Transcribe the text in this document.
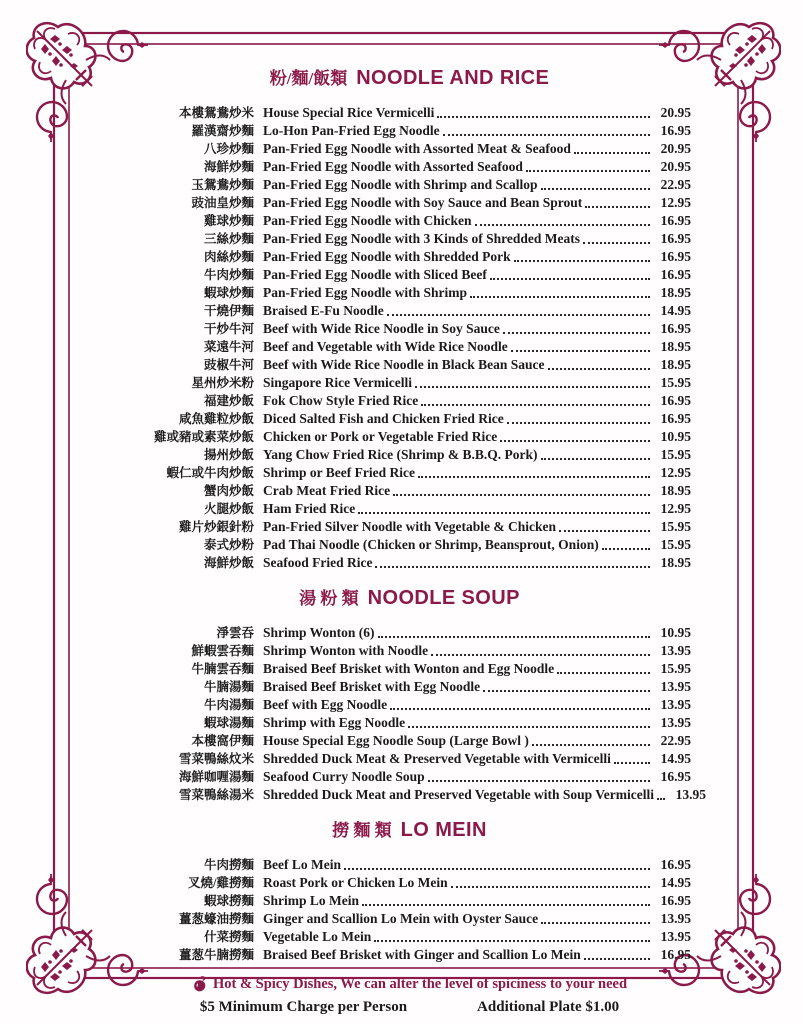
粉/麵/飯類 NOODLE AND RICE
本樓鴛鴦炒米 House Special Rice Vermicelli	20.95
羅漢齋炒麵 Lo-Hon Pan-Fried Egg Noodle	16.95
八珍炒麵 Pan-Fried Egg Noodle with Assorted Meat & Seafood	20.95
海鮮炒麵 Pan-Fried Egg Noodle with Assorted Seafood	20.95
玉鴛鴦炒麵 Pan-Fried Egg Noodle with Shrimp and Scallop	22.95
豉油皇炒麵 Pan-Fried Egg Noodle with Soy Sauce and Bean Sprout	12.95
雞球炒麵 Pan-Fried Egg Noodle with Chicken	16.95
三絲炒麵 Pan-Fried Egg Noodle with 3 Kinds of Shredded Meats	16.95
肉絲炒麵 Pan-Fried Egg Noodle with Shredded Pork	16.95
牛肉炒麵 Pan-Fried Egg Noodle with Sliced Beef	16.95
蝦球炒麵 Pan-Fried Egg Noodle with Shrimp	18.95
干燒伊麵 Braised E-Fu Noodle	14.95
干炒牛河 Beef with Wide Rice Noodle in Soy Sauce	16.95
菜遠牛河 Beef and Vegetable with Wide Rice Noodle	18.95
豉椒牛河 Beef with Wide Rice Noodle in Black Bean Sauce	18.95
星州炒米粉 Singapore Rice Vermicelli	15.95
福建炒飯 Fok Chow Style Fried Rice	16.95
咸魚雞粒炒飯 Diced Salted Fish and Chicken Fried Rice	16.95
雞或豬或素菜炒飯 Chicken or Pork or Vegetable Fried Rice	10.95
揚州炒飯 Yang Chow Fried Rice (Shrimp & B.B.Q. Pork)	15.95
蝦仁或牛肉炒飯 Shrimp or Beef Fried Rice	12.95
蟹肉炒飯 Crab Meat Fried Rice	18.95
火腿炒飯 Ham Fried Rice	12.95
雞片炒銀針粉 Pan-Fried Silver Noodle with Vegetable & Chicken	15.95
泰式炒粉 Pad Thai Noodle (Chicken or Shrimp, Beansprout, Onion)	15.95
海鮮炒飯 Seafood Fried Rice	18.95
湯 粉 類 NOODLE SOUP
淨雲吞 Shrimp Wonton (6)	10.95
鮮蝦雲吞麵 Shrimp Wonton with Noodle	13.95
牛腩雲吞麵 Braised Beef Brisket with Wonton and Egg Noodle	15.95
牛腩湯麵 Braised Beef Brisket with Egg Noodle	13.95
牛肉湯麵 Beef with Egg Noodle	13.95
蝦球湯麵 Shrimp with Egg Noodle	13.95
本樓窩伊麵 House Special Egg Noodle Soup (Large Bowl )	22.95
雪菜鴨絲炆米 Shredded Duck Meat & Preserved Vegetable with Vermicelli	14.95
海鮮咖喱湯麵 Seafood Curry Noodle Soup	16.95
雪菜鴨絲湯米 Shredded Duck Meat and Preserved Vegetable with Soup Vermicelli	13.95
撈 麵 類 LO MEIN
牛肉撈麵 Beef Lo Mein	16.95
叉燒/雞撈麵 Roast Pork or Chicken Lo Mein	14.95
蝦球撈麵 Shrimp Lo Mein	16.95
薑葱蠔油撈麵 Ginger and Scallion Lo Mein with Oyster Sauce	13.95
什菜撈麵 Vegetable Lo Mein	13.95
薑葱牛腩撈麵 Braised Beef Brisket with Ginger and Scallion Lo Mein	16.95
Hot & Spicy Dishes, We can alter the level of spiciness to your need
$5 Minimum Charge per Person	Additional Plate $1.00
